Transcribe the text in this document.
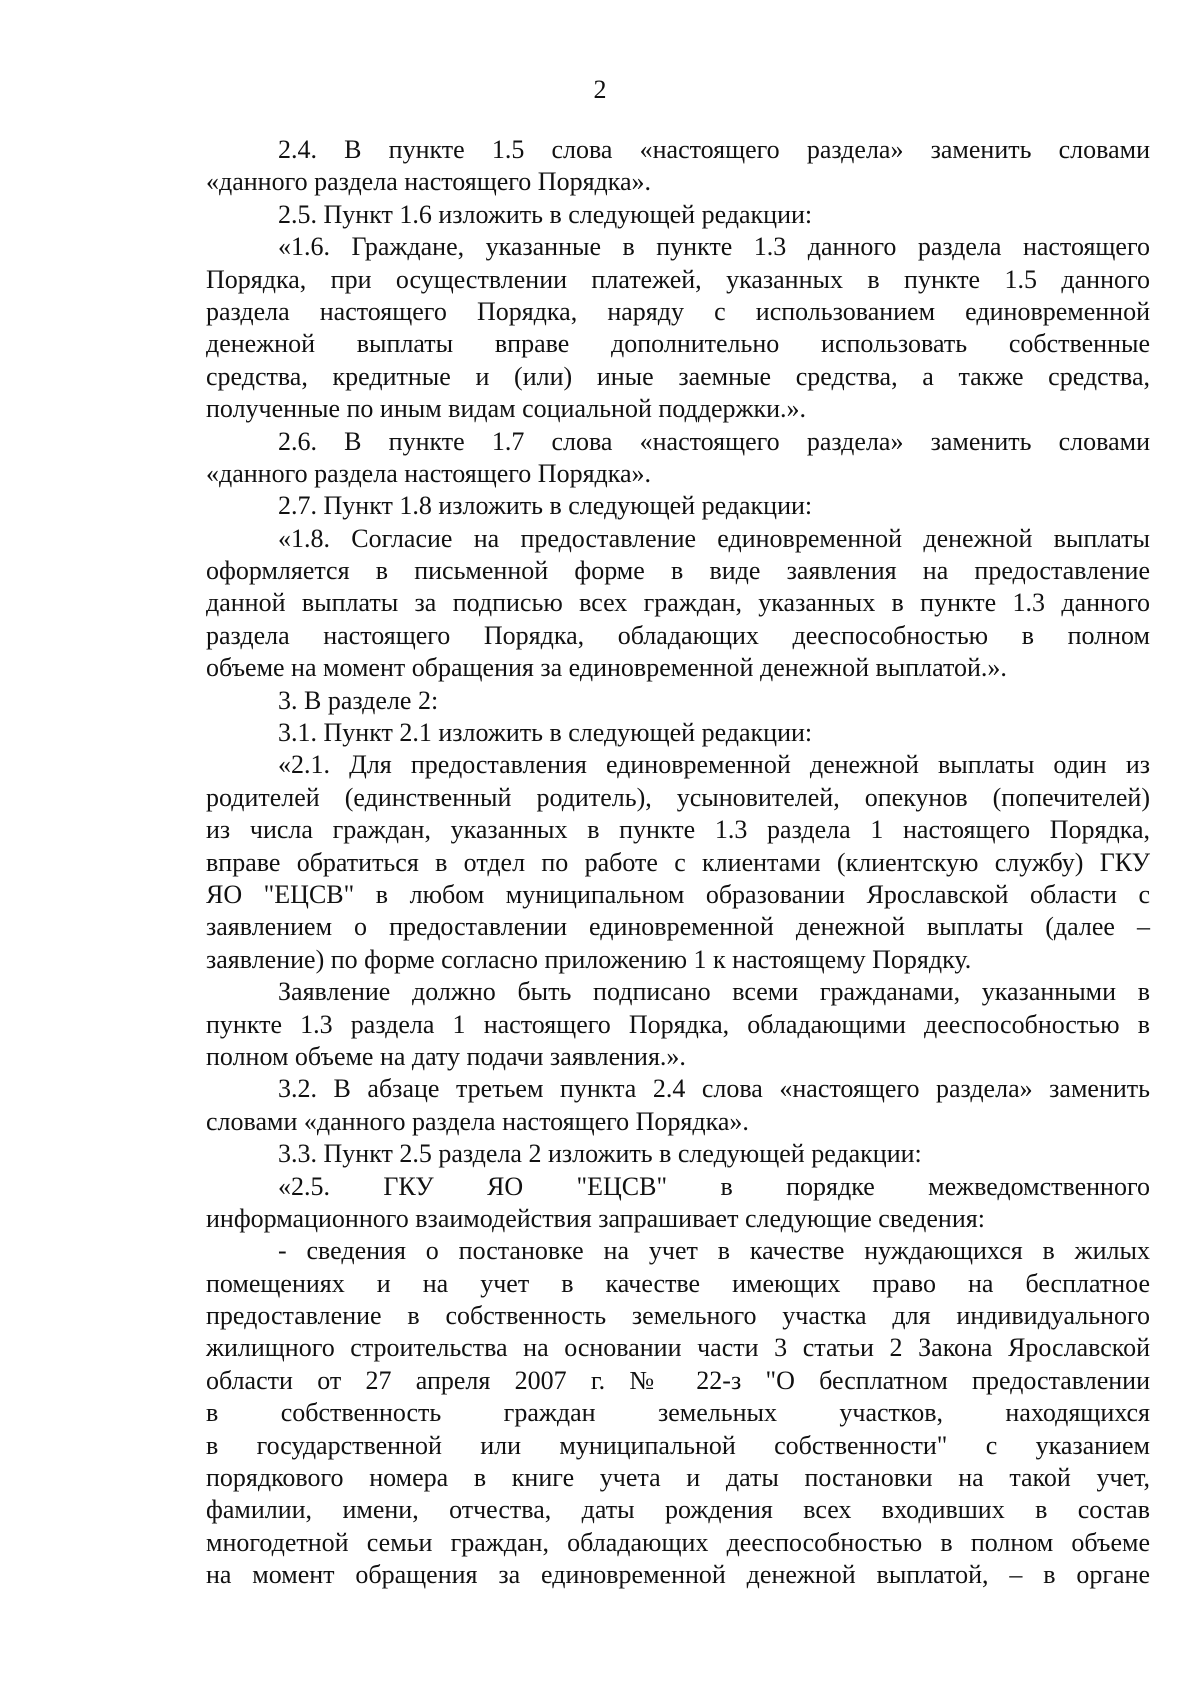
2
2.4. В пункте 1.5 слова «настоящего раздела» заменить словами
«данного раздела настоящего Порядка».
2.5. Пункт 1.6 изложить в следующей редакции:
«1.6. Граждане, указанные в пункте 1.3 данного раздела настоящего
Порядка, при осуществлении платежей, указанных в пункте 1.5 данного
раздела настоящего Порядка, наряду с использованием единовременной
денежной выплаты вправе дополнительно использовать собственные
средства, кредитные и (или) иные заемные средства, а также средства,
полученные по иным видам социальной поддержки.».
2.6. В пункте 1.7 слова «настоящего раздела» заменить словами
«данного раздела настоящего Порядка».
2.7. Пункт 1.8 изложить в следующей редакции:
«1.8. Согласие на предоставление единовременной денежной выплаты
оформляется в письменной форме в виде заявления на предоставление
данной выплаты за подписью всех граждан, указанных в пункте 1.3 данного
раздела настоящего Порядка, обладающих дееспособностью в полном
объеме на момент обращения за единовременной денежной выплатой.».
3. В разделе 2:
3.1. Пункт 2.1 изложить в следующей редакции:
«2.1. Для предоставления единовременной денежной выплаты один из
родителей (единственный родитель), усыновителей, опекунов (попечителей)
из числа граждан, указанных в пункте 1.3 раздела 1 настоящего Порядка,
вправе обратиться в отдел по работе с клиентами (клиентскую службу) ГКУ
ЯО "ЕЦСВ" в любом муниципальном образовании Ярославской области с
заявлением о предоставлении единовременной денежной выплаты (далее –
заявление) по форме согласно приложению 1 к настоящему Порядку.
Заявление должно быть подписано всеми гражданами, указанными в
пункте 1.3 раздела 1 настоящего Порядка, обладающими дееспособностью в
полном объеме на дату подачи заявления.».
3.2. В абзаце третьем пункта 2.4 слова «настоящего раздела» заменить
словами «данного раздела настоящего Порядка».
3.3. Пункт 2.5 раздела 2 изложить в следующей редакции:
«2.5. ГКУ ЯО "ЕЦСВ" в порядке межведомственного
информационного взаимодействия запрашивает следующие сведения:
- сведения о постановке на учет в качестве нуждающихся в жилых
помещениях и на учет в качестве имеющих право на бесплатное
предоставление в собственность земельного участка для индивидуального
жилищного строительства на основании части 3 статьи 2 Закона Ярославской
области от 27 апреля 2007 г. № 22-з "О бесплатном предоставлении
в собственность граждан земельных участков, находящихся
в государственной или муниципальной собственности" с указанием
порядкового номера в книге учета и даты постановки на такой учет,
фамилии, имени, отчества, даты рождения всех входивших в состав
многодетной семьи граждан, обладающих дееспособностью в полном объеме
на момент обращения за единовременной денежной выплатой, – в органе
